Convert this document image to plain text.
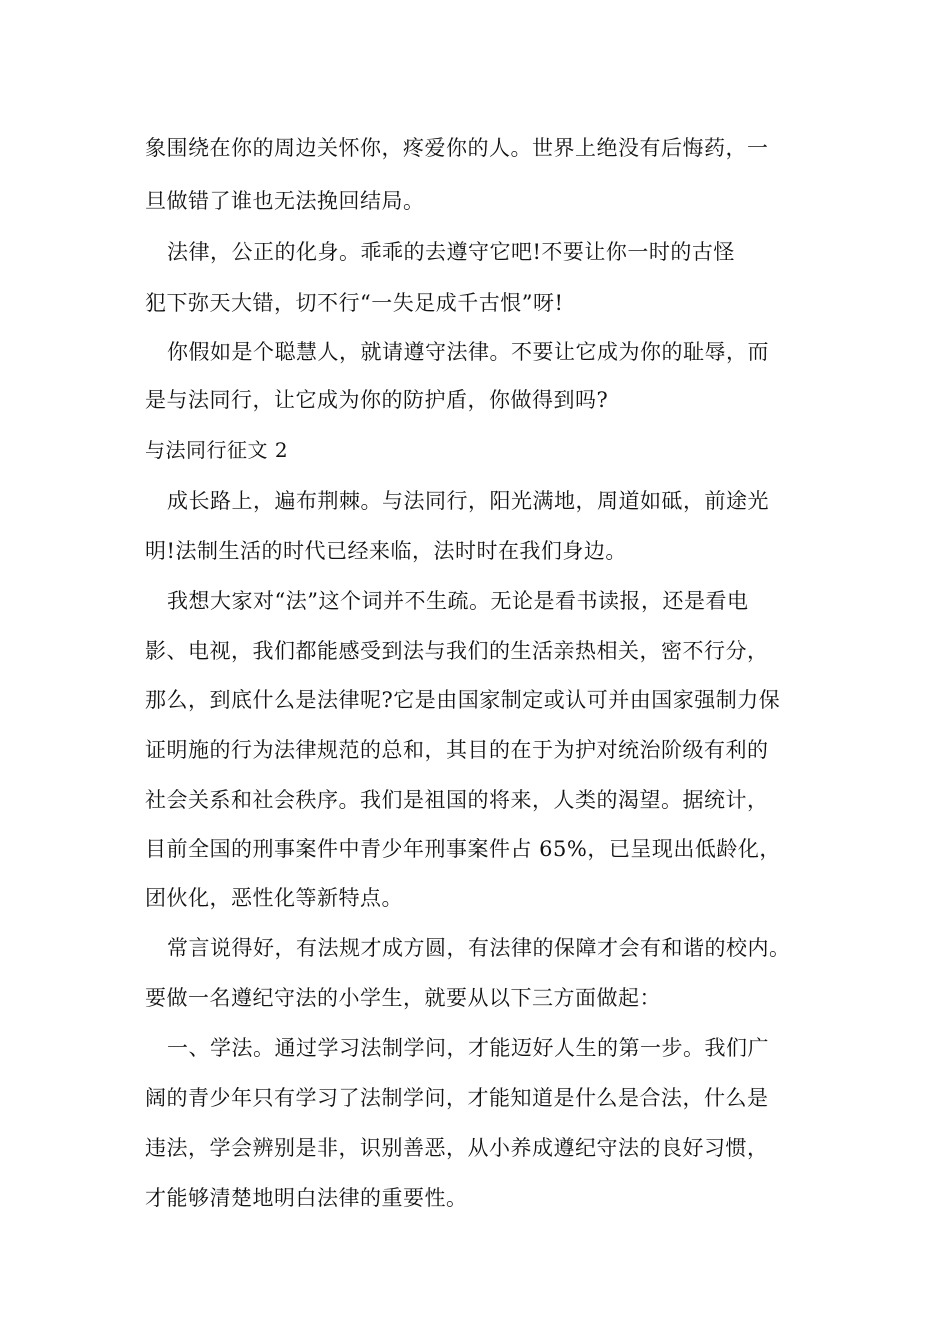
象围绕在你的周边关怀你，疼爱你的人。世界上绝没有后悔药，一
旦做错了谁也无法挽回结局。
法律，公正的化身。乖乖的去遵守它吧!不要让你一时的古怪
犯下弥天大错，切不行“一失足成千古恨”呀!
你假如是个聪慧人，就请遵守法律。不要让它成为你的耻辱，而
是与法同行，让它成为你的防护盾，你做得到吗?
与法同行征文 2
成长路上，遍布荆棘。与法同行，阳光满地，周道如砥，前途光
明!法制生活的时代已经来临，法时时在我们身边。
我想大家对“法”这个词并不生疏。无论是看书读报，还是看电
影、电视，我们都能感受到法与我们的生活亲热相关，密不行分，
那么，到底什么是法律呢?它是由国家制定或认可并由国家强制力保
证明施的行为法律规范的总和，其目的在于为护对统治阶级有利的
社会关系和社会秩序。我们是祖国的将来，人类的渴望。据统计，
目前全国的刑事案件中青少年刑事案件占 65%，已呈现出低龄化，
团伙化，恶性化等新特点。
常言说得好，有法规才成方圆，有法律的保障才会有和谐的校内。
要做一名遵纪守法的小学生，就要从以下三方面做起：
一、学法。通过学习法制学问，才能迈好人生的第一步。我们广
阔的青少年只有学习了法制学问，才能知道是什么是合法，什么是
违法，学会辨别是非，识别善恶，从小养成遵纪守法的良好习惯，
才能够清楚地明白法律的重要性。
